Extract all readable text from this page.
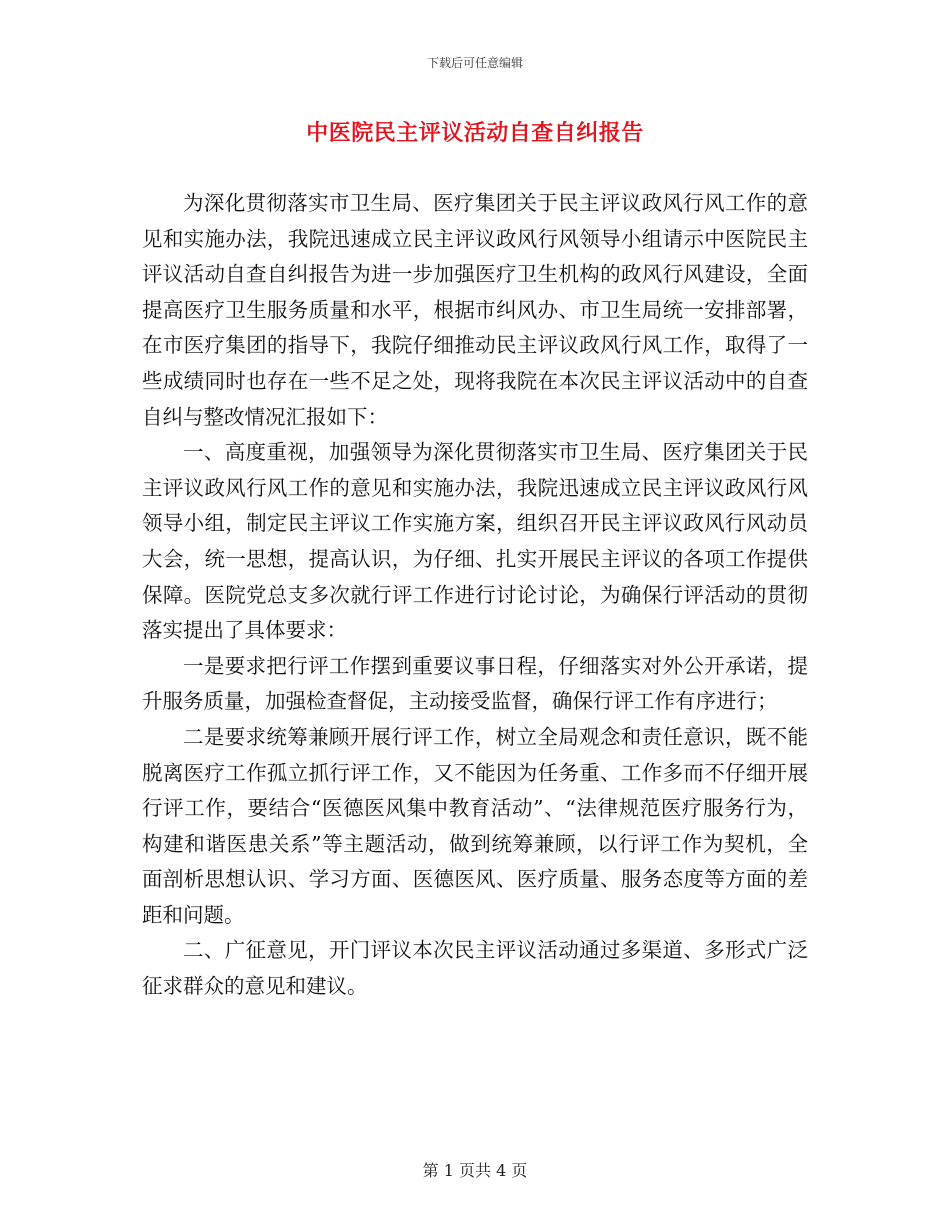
下载后可任意编辑
中医院民主评议活动自查自纠报告

为深化贯彻落实市卫生局、医疗集团关于民主评议政风行风工作的意见和实施办法，我院迅速成立民主评议政风行风领导小组请示中医院民主评议活动自查自纠报告为进一步加强医疗卫生机构的政风行风建设，全面提高医疗卫生服务质量和水平，根据市纠风办、市卫生局统一安排部署，在市医疗集团的指导下，我院仔细推动民主评议政风行风工作，取得了一些成绩同时也存在一些不足之处，现将我院在本次民主评议活动中的自查自纠与整改情况汇报如下：

一、高度重视，加强领导为深化贯彻落实市卫生局、医疗集团关于民主评议政风行风工作的意见和实施办法，我院迅速成立民主评议政风行风领导小组，制定民主评议工作实施方案，组织召开民主评议政风行风动员大会，统一思想，提高认识，为仔细、扎实开展民主评议的各项工作提供保障。医院党总支多次就行评工作进行讨论讨论，为确保行评活动的贯彻落实提出了具体要求：

一是要求把行评工作摆到重要议事日程，仔细落实对外公开承诺，提升服务质量，加强检查督促，主动接受监督，确保行评工作有序进行；

二是要求统筹兼顾开展行评工作，树立全局观念和责任意识，既不能脱离医疗工作孤立抓行评工作，又不能因为任务重、工作多而不仔细开展行评工作，要结合“医德医风集中教育活动”、“法律规范医疗服务行为，构建和谐医患关系”等主题活动，做到统筹兼顾，以行评工作为契机，全面剖析思想认识、学习方面、医德医风、医疗质量、服务态度等方面的差距和问题。

二、广征意见，开门评议本次民主评议活动通过多渠道、多形式广泛征求群众的意见和建议。

第 1 页共 4 页
